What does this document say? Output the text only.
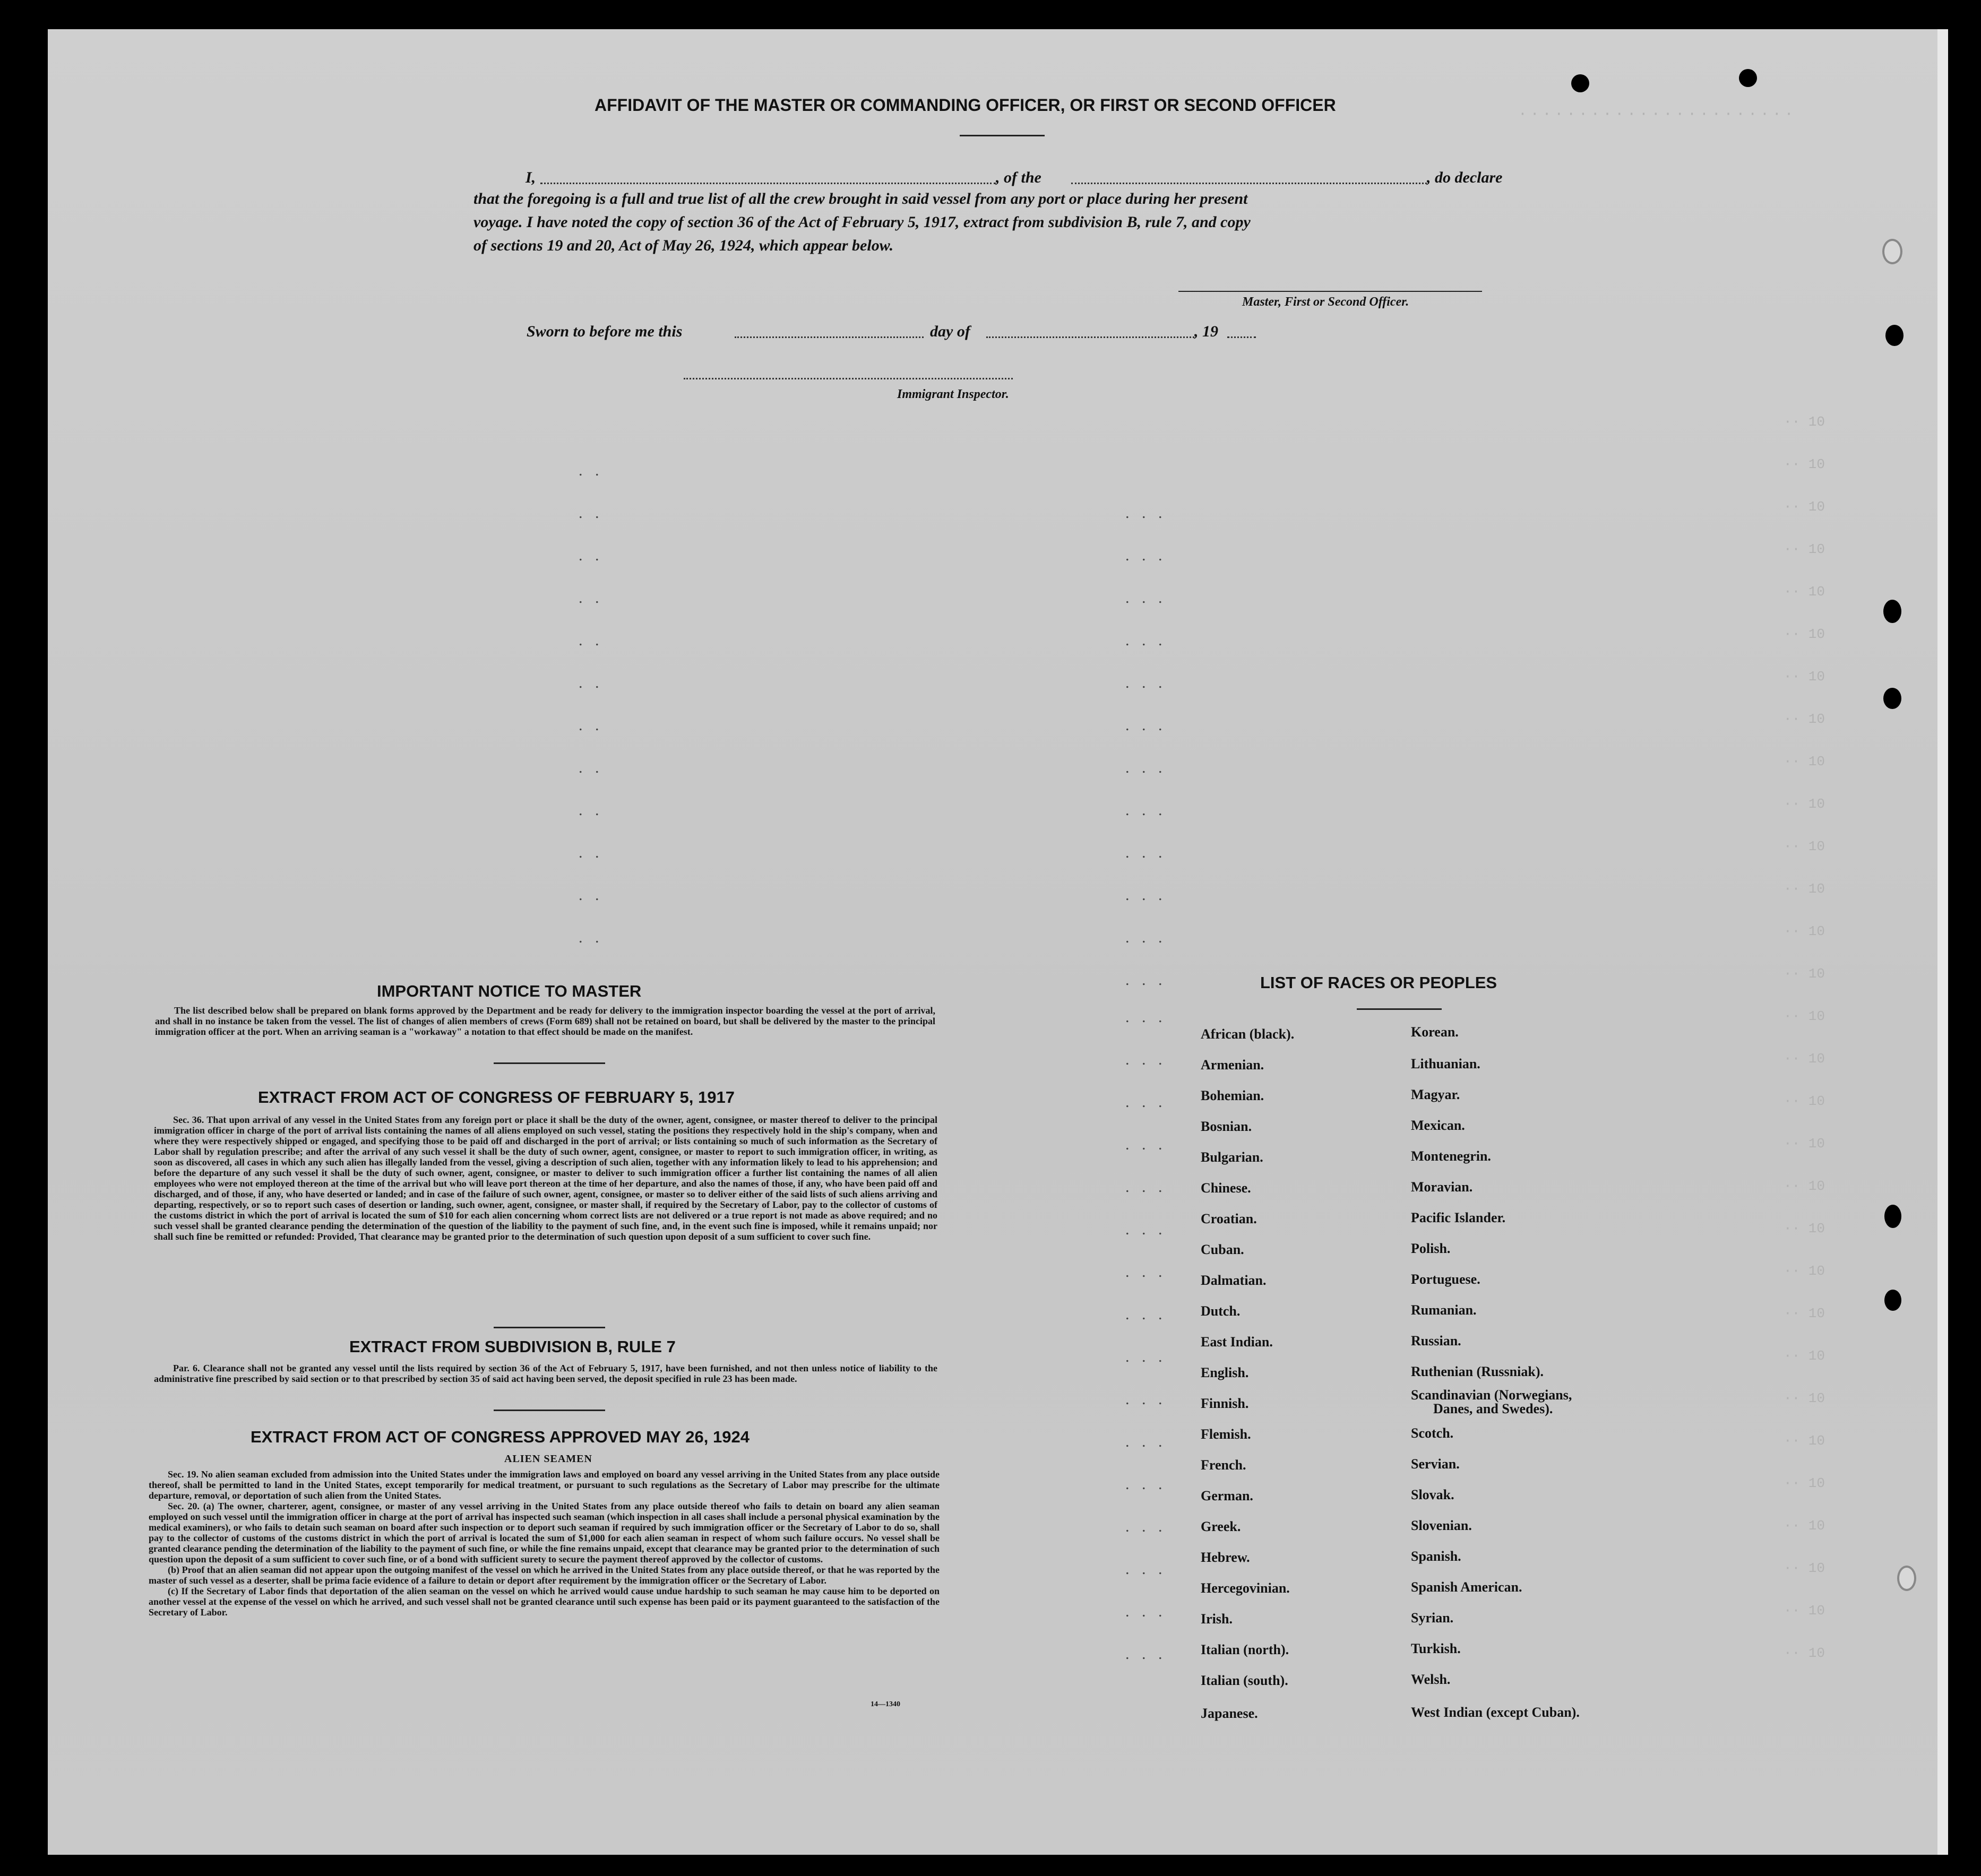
·······················
·· 10
·· 10
·· 10
·· 10
·· 10
·· 10
·· 10
·· 10
·· 10
·· 10
·· 10
·· 10
·· 10
·· 10
·· 10
·· 10
·· 10
·· 10
·· 10
·· 10
·· 10
·· 10
·· 10
·· 10
·· 10
·· 10
·· 10
·· 10
·· 10
·· 10
. .
. .
. .
. .
. .
. .
. .
. .
. .
. .
. .
. .
. . .
. . .
. . .
. . .
. . .
. . .
. . .
. . .
. . .
. . .
. . .
. . .
. . .
. . .
. . .
. . .
. . .
. . .
. . .
. . .
. . .
. . .
. . .
. . .
. . .
. . .
. . .
. . .
AFFIDAVIT OF THE MASTER OR COMMANDING OFFICER, OR FIRST OR SECOND OFFICER
I,	, of the	, do declare
that the foregoing is a full and true list of all the crew brought in said vessel from any port or place during her present
voyage. I have noted the copy of section 36 of the Act of February 5, 1917, extract from subdivision B, rule 7, and copy
of sections 19 and 20, Act of May 26, 1924, which appear below.
Master, First or Second Officer.
Sworn to before me this	day of	, 19
Immigrant Inspector.
IMPORTANT NOTICE TO MASTER

The list described below shall be prepared on blank forms approved by the Department and be ready for delivery to the immigration inspector boarding the vessel at the port of arrival, and shall in no instance be taken from the vessel. The list of changes of alien members of crews (Form 689) shall not be retained on board, but shall be delivered by the master to the principal immigration officer at the port. When an arriving seaman is a "workaway" a notation to that effect should be made on the manifest.

EXTRACT FROM ACT OF CONGRESS OF FEBRUARY 5, 1917

Sec. 36. That upon arrival of any vessel in the United States from any foreign port or place it shall be the duty of the owner, agent, consignee, or master thereof to deliver to the principal immigration officer in charge of the port of arrival lists containing the names of all aliens employed on such vessel, stating the positions they respectively hold in the ship's company, when and where they were respectively shipped or engaged, and specifying those to be paid off and discharged in the port of arrival; or lists containing so much of such information as the Secretary of Labor shall by regulation prescribe; and after the arrival of any such vessel it shall be the duty of such owner, agent, consignee, or master to report to such immigration officer, in writing, as soon as discovered, all cases in which any such alien has illegally landed from the vessel, giving a description of such alien, together with any information likely to lead to his apprehension; and before the departure of any such vessel it shall be the duty of such owner, agent, consignee, or master to deliver to such immigration officer a further list containing the names of all alien employees who were not employed thereon at the time of the arrival but who will leave port thereon at the time of her departure, and also the names of those, if any, who have been paid off and discharged, and of those, if any, who have deserted or landed; and in case of the failure of such owner, agent, consignee, or master so to deliver either of the said lists of such aliens arriving and departing, respectively, or so to report such cases of desertion or landing, such owner, agent, consignee, or master shall, if required by the Secretary of Labor, pay to the collector of customs of the customs district in which the port of arrival is located the sum of $10 for each alien concerning whom correct lists are not delivered or a true report is not made as above required; and no such vessel shall be granted clearance pending the determination of the question of the liability to the payment of such fine, and, in the event such fine is imposed, while it remains unpaid; nor shall such fine be remitted or refunded: Provided, That clearance may be granted prior to the determination of such question upon deposit of a sum sufficient to cover such fine.

EXTRACT FROM SUBDIVISION B, RULE 7

Par. 6. Clearance shall not be granted any vessel until the lists required by section 36 of the Act of February 5, 1917, have been furnished, and not then unless notice of liability to the administrative fine prescribed by said section or to that prescribed by section 35 of said act having been served, the deposit specified in rule 23 has been made.

EXTRACT FROM ACT OF CONGRESS APPROVED MAY 26, 1924
ALIEN SEAMEN

Sec. 19. No alien seaman excluded from admission into the United States under the immigration laws and employed on board any vessel arriving in the United States from any place outside thereof, shall be permitted to land in the United States, except temporarily for medical treatment, or pursuant to such regulations as the Secretary of Labor may prescribe for the ultimate departure, removal, or deportation of such alien from the United States.

Sec. 20. (a) The owner, charterer, agent, consignee, or master of any vessel arriving in the United States from any place outside thereof who fails to detain on board any alien seaman employed on such vessel until the immigration officer in charge at the port of arrival has inspected such seaman (which inspection in all cases shall include a personal physical examination by the medical examiners), or who fails to detain such seaman on board after such inspection or to deport such seaman if required by such immigration officer or the Secretary of Labor to do so, shall pay to the collector of customs of the customs district in which the port of arrival is located the sum of $1,000 for each alien seaman in respect of whom such failure occurs. No vessel shall be granted clearance pending the determination of the liability to the payment of such fine, or while the fine remains unpaid, except that clearance may be granted prior to the determination of such question upon the deposit of a sum sufficient to cover such fine, or of a bond with sufficient surety to secure the payment thereof approved by the collector of customs.

(b) Proof that an alien seaman did not appear upon the outgoing manifest of the vessel on which he arrived in the United States from any place outside thereof, or that he was reported by the master of such vessel as a deserter, shall be prima facie evidence of a failure to detain or deport after requirement by the immigration officer or the Secretary of Labor.

(c) If the Secretary of Labor finds that deportation of the alien seaman on the vessel on which he arrived would cause undue hardship to such seaman he may cause him to be deported on another vessel at the expense of the vessel on which he arrived, and such vessel shall not be granted clearance until such expense has been paid or its payment guaranteed to the satisfaction of the Secretary of Labor.

14—1340
LIST OF RACES OR PEOPLES
African (black).
Armenian.
Bohemian.
Bosnian.
Bulgarian.
Chinese.
Croatian.
Cuban.
Dalmatian.
Dutch.
East Indian.
English.
Finnish.
Flemish.
French.
German.
Greek.
Hebrew.
Hercegovinian.
Irish.
Italian (north).
Italian (south).
Japanese.
Korean.
Lithuanian.
Magyar.
Mexican.
Montenegrin.
Moravian.
Pacific Islander.
Polish.
Portuguese.
Rumanian.
Russian.
Ruthenian (Russniak).
Scandinavian (Norwegians,
Danes, and Swedes).
Scotch.
Servian.
Slovak.
Slovenian.
Spanish.
Spanish American.
Syrian.
Turkish.
Welsh.
West Indian (except Cuban).
